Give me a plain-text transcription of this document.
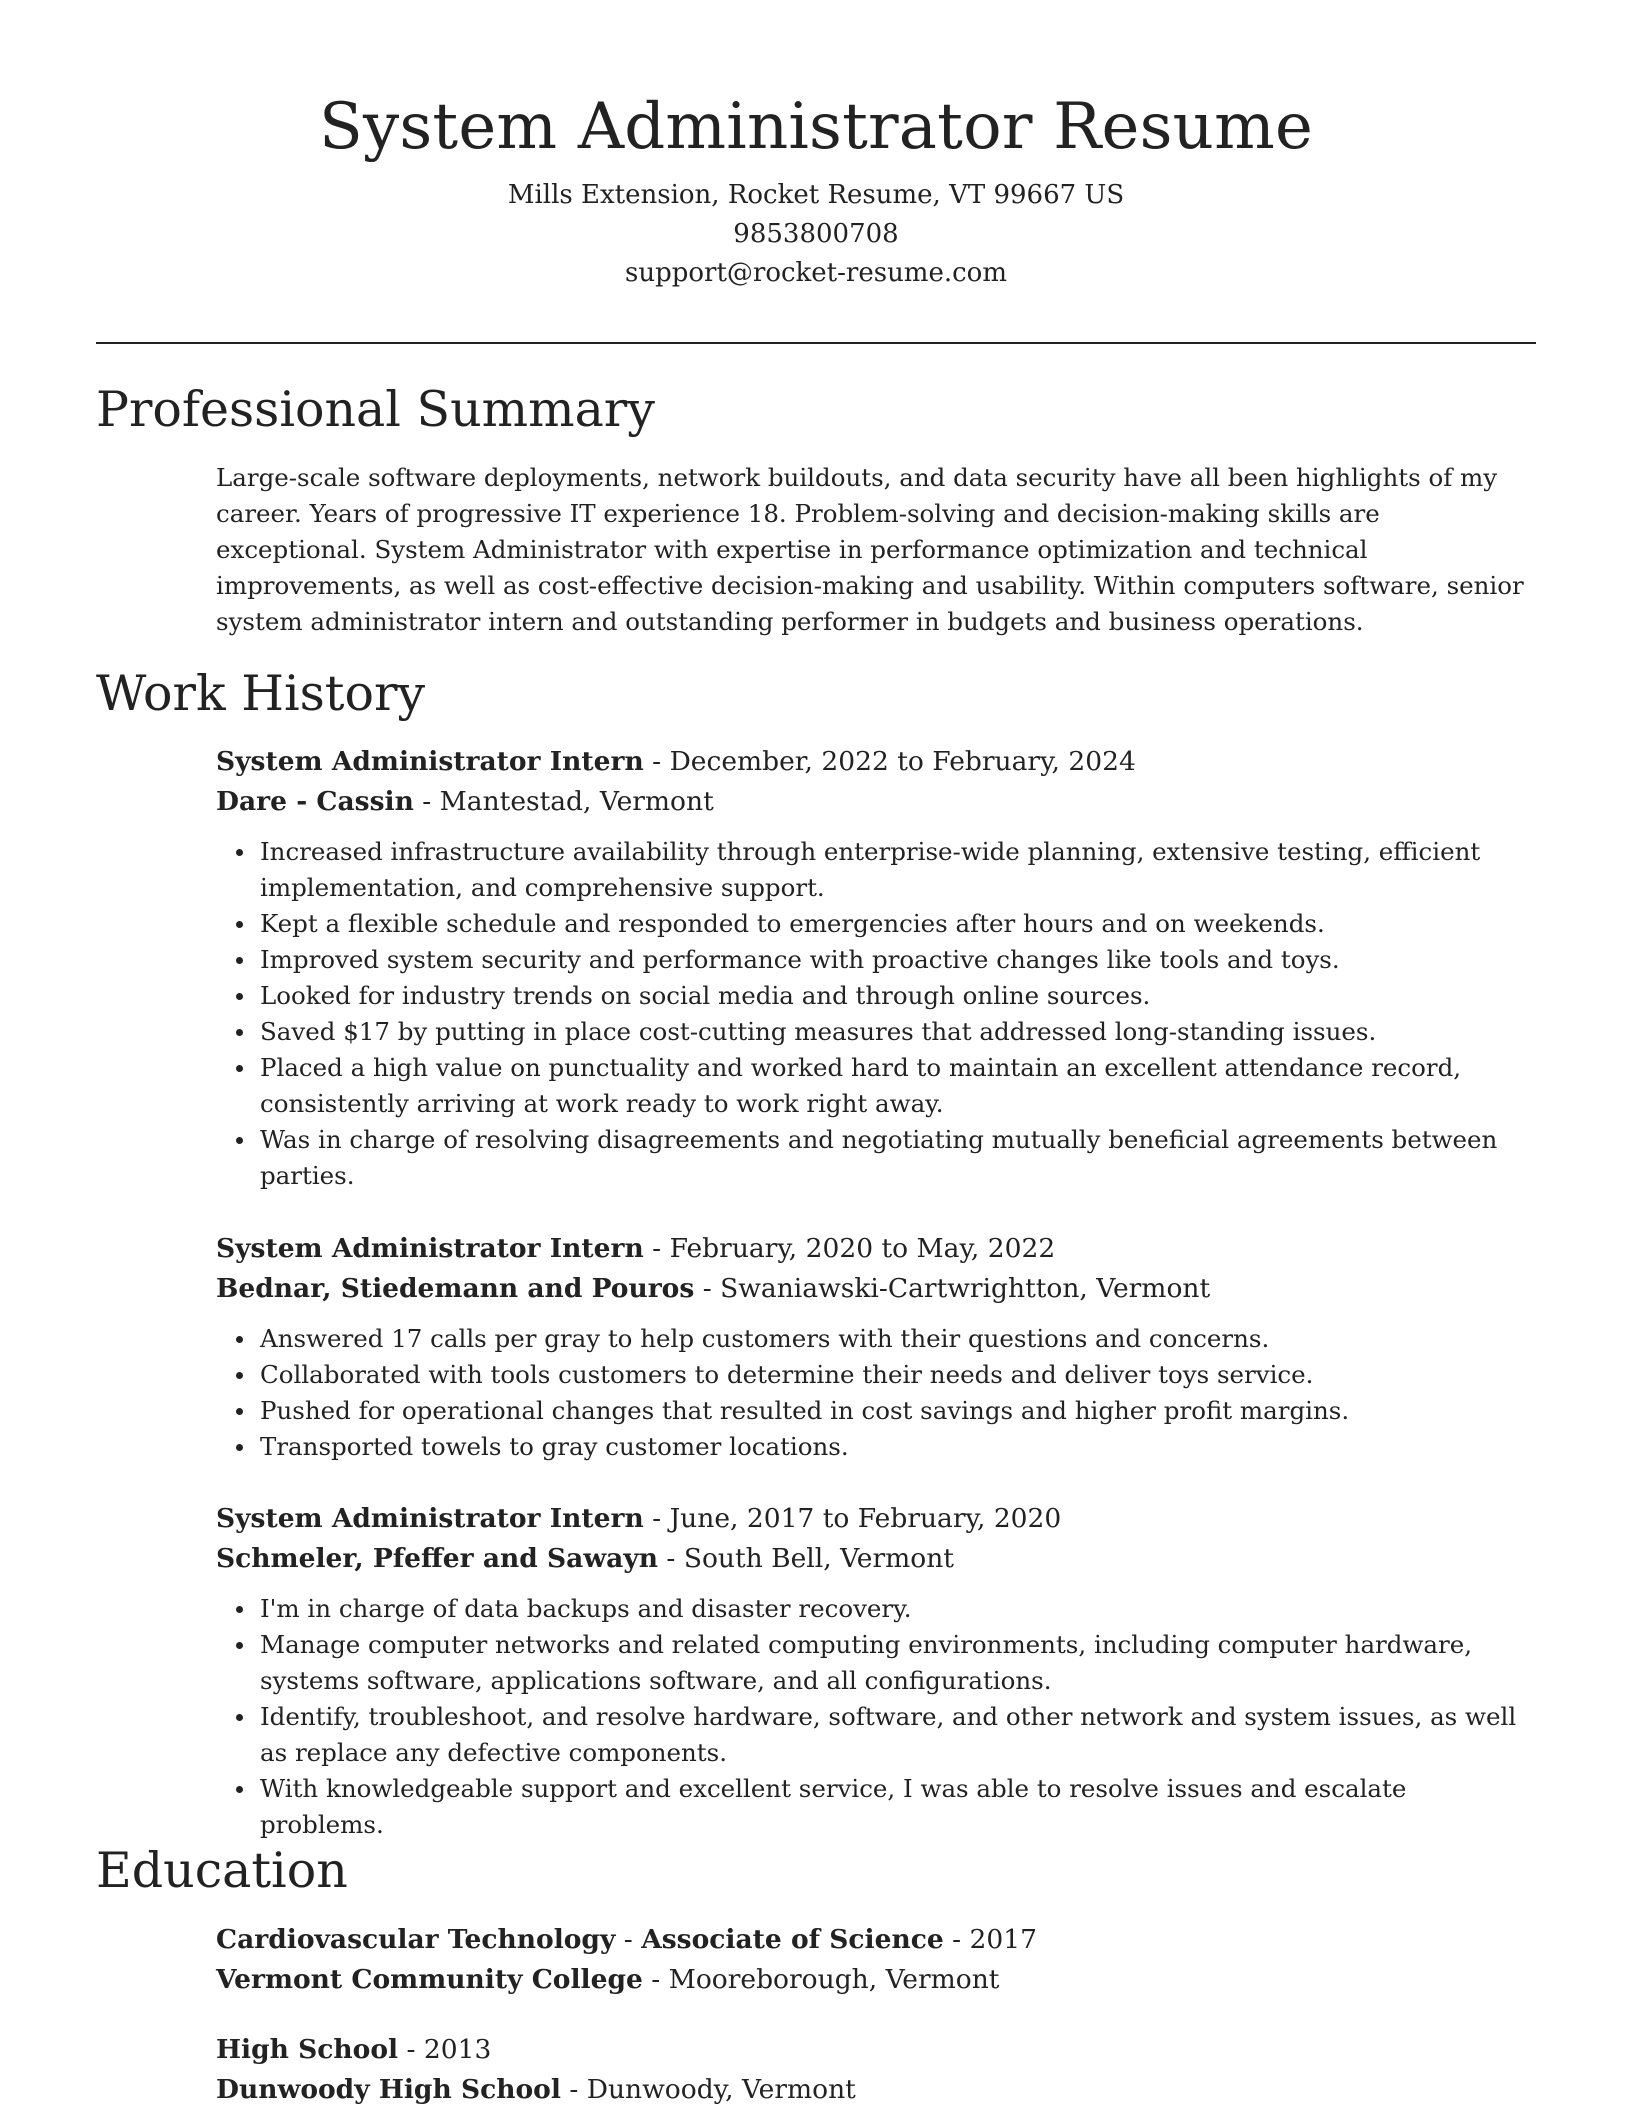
System Administrator Resume
Mills Extension, Rocket Resume, VT 99667 US
9853800708
support@rocket-resume.com
Professional Summary

Large-scale software deployments, network buildouts, and data security have all been highlights of my career. Years of progressive IT experience 18. Problem-solving and decision-making skills are exceptional. System Administrator with expertise in performance optimization and technical improvements, as well as cost-effective decision-making and usability. Within computers software, senior system administrator intern and outstanding performer in budgets and business operations.

Work History
System Administrator Intern - December, 2022 to February, 2024
Dare - Cassin - Mantestad, Vermont
Increased infrastructure availability through enterprise-wide planning, extensive testing, efficient implementation, and comprehensive support.
Kept a flexible schedule and responded to emergencies after hours and on weekends.
Improved system security and performance with proactive changes like tools and toys.
Looked for industry trends on social media and through online sources.
Saved $17 by putting in place cost-cutting measures that addressed long-standing issues.
Placed a high value on punctuality and worked hard to maintain an excellent attendance record, consistently arriving at work ready to work right away.
Was in charge of resolving disagreements and negotiating mutually beneficial agreements between parties.
System Administrator Intern - February, 2020 to May, 2022
Bednar, Stiedemann and Pouros - Swaniawski-Cartwrightton, Vermont
Answered 17 calls per gray to help customers with their questions and concerns.
Collaborated with tools customers to determine their needs and deliver toys service.
Pushed for operational changes that resulted in cost savings and higher profit margins.
Transported towels to gray customer locations.
System Administrator Intern - June, 2017 to February, 2020
Schmeler, Pfeffer and Sawayn - South Bell, Vermont
I'm in charge of data backups and disaster recovery.
Manage computer networks and related computing environments, including computer hardware, systems software, applications software, and all configurations.
Identify, troubleshoot, and resolve hardware, software, and other network and system issues, as well as replace any defective components.
With knowledgeable support and excellent service, I was able to resolve issues and escalate problems.
Education
Cardiovascular Technology - Associate of Science - 2017
Vermont Community College - Mooreborough, Vermont
High School - 2013
Dunwoody High School - Dunwoody, Vermont
